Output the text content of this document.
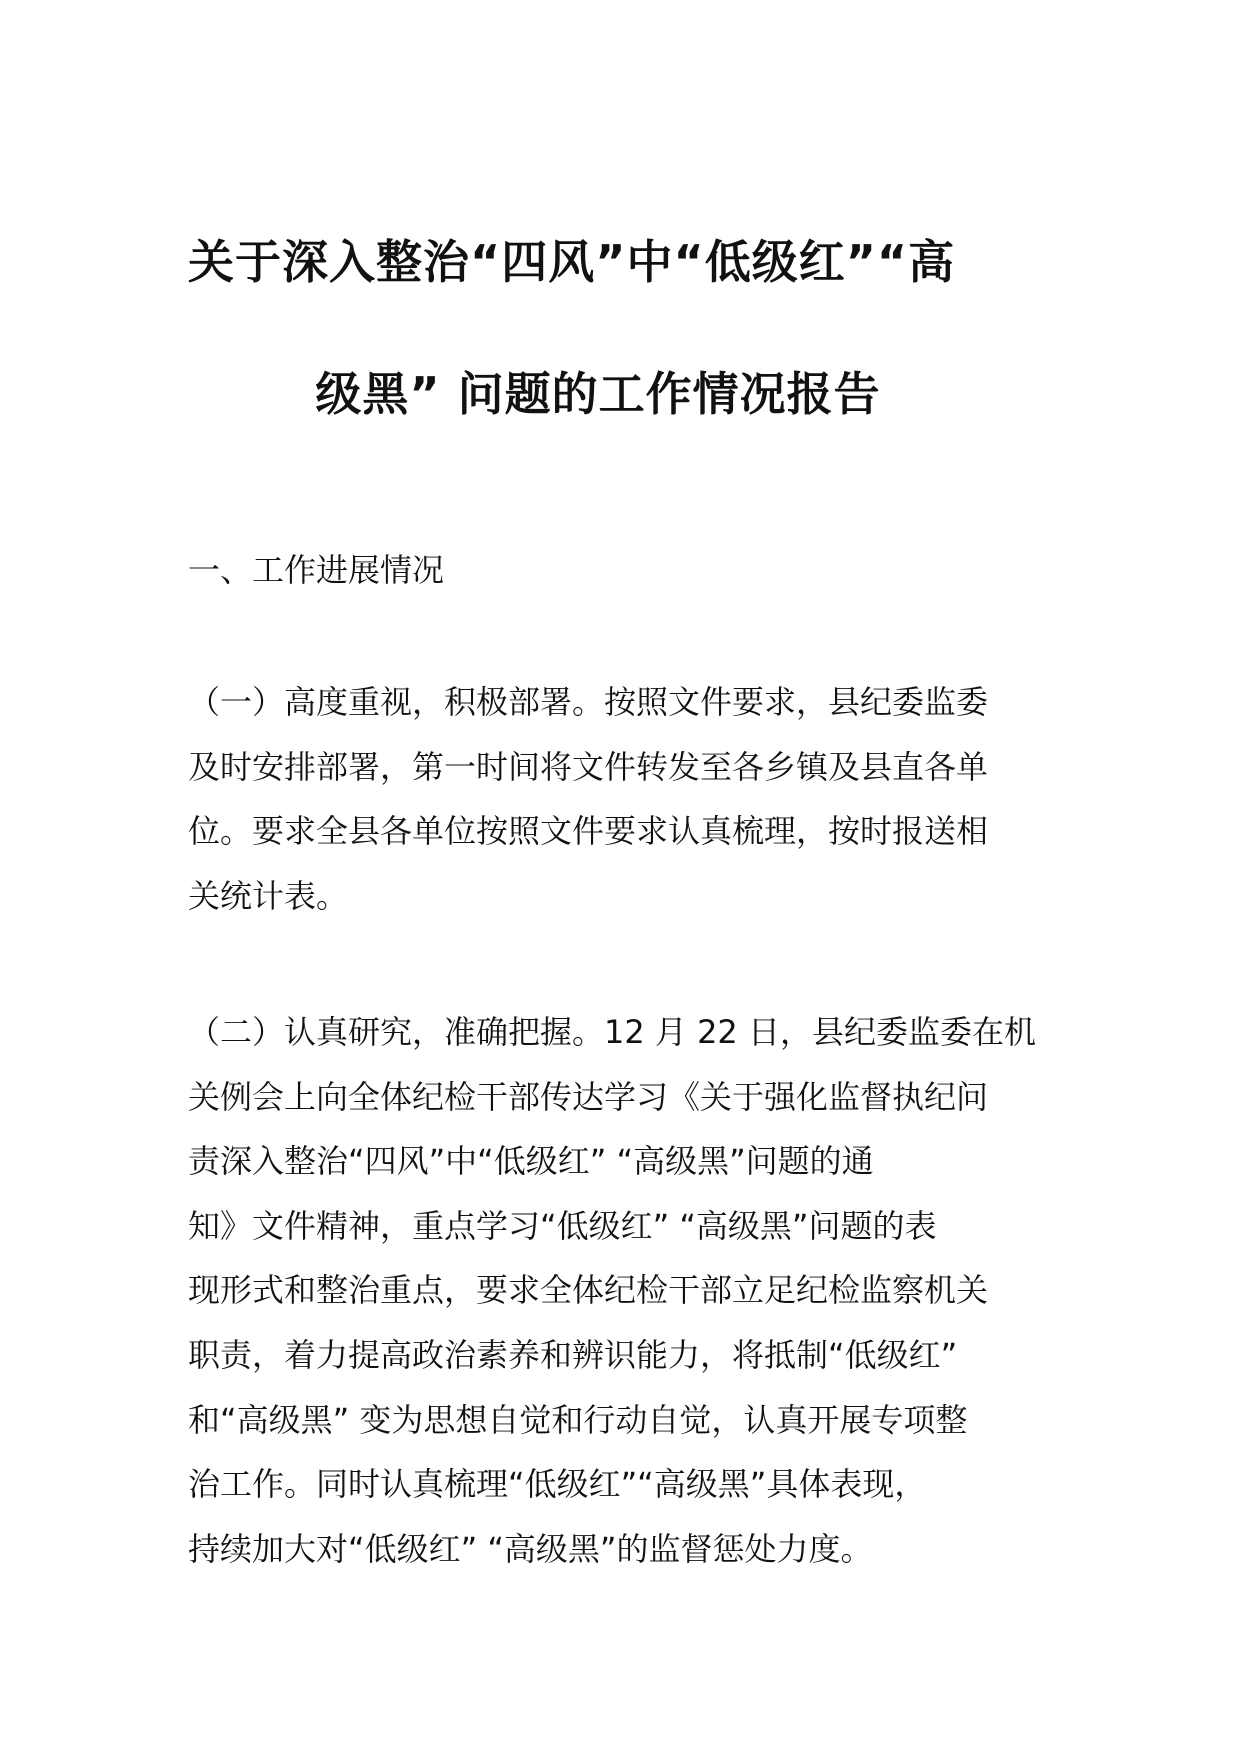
关于深入整治“四风”中“低级红”“高
级黑” 问题的工作情况报告
一、工作进展情况
（一）高度重视，积极部署。按照文件要求，县纪委监委
及时安排部署，第一时间将文件转发至各乡镇及县直各单
位。要求全县各单位按照文件要求认真梳理，按时报送相
关统计表。
（二）认真研究，准确把握。12 月 22 日，县纪委监委在机
关例会上向全体纪检干部传达学习《关于强化监督执纪问
责深入整治“四风”中“低级红” “高级黑”问题的通
知》文件精神，重点学习“低级红” “高级黑”问题的表
现形式和整治重点，要求全体纪检干部立足纪检监察机关
职责，着力提高政治素养和辨识能力，将抵制“低级红”
和“高级黑” 变为思想自觉和行动自觉，认真开展专项整
治工作。同时认真梳理“低级红”“高级黑”具体表现，
持续加大对“低级红” “高级黑”的监督惩处力度。
